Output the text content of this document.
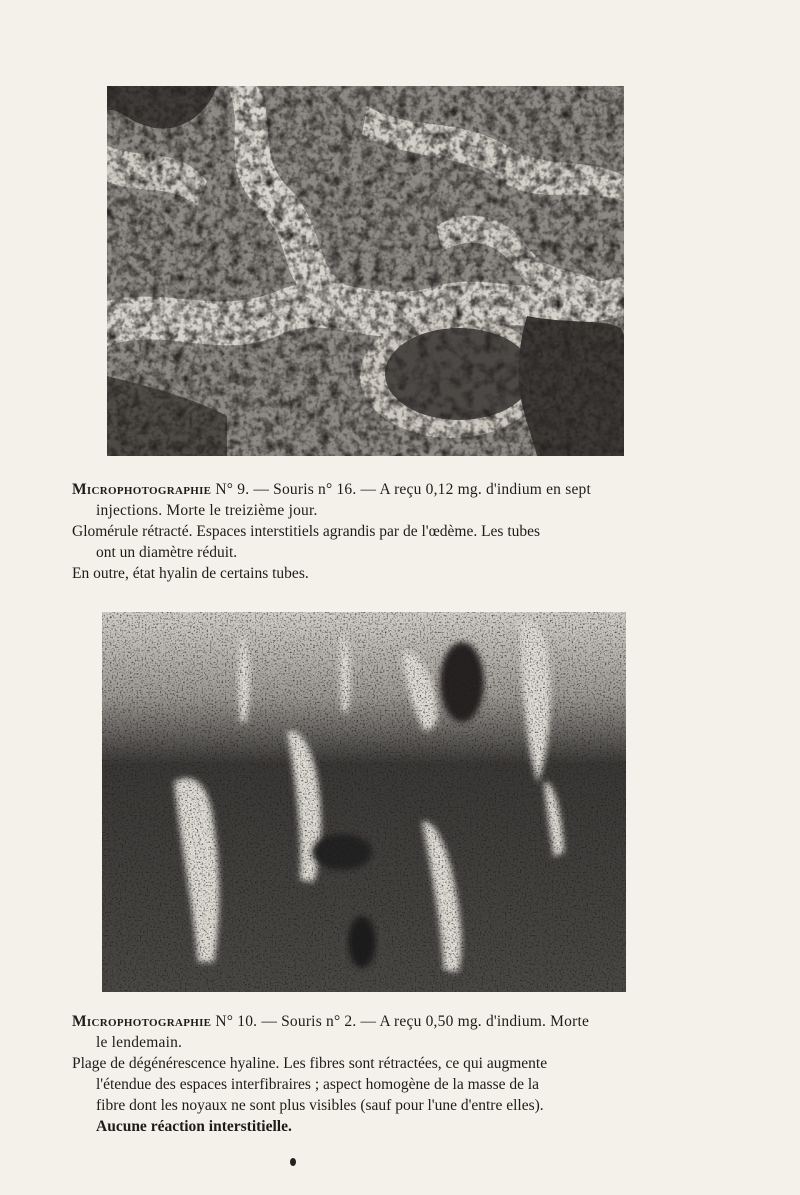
Microphotographie N° 9. — Souris n° 16. — A reçu 0,12 mg. d'indium en sept
injections. Morte le treizième jour.

Glomérule rétracté. Espaces interstitiels agrandis par de l'œdème. Les tubes

ont un diamètre réduit.

En outre, état hyalin de certains tubes.

Microphotographie N° 10. — Souris n° 2. — A reçu 0,50 mg. d'indium. Morte
le lendemain.

Plage de dégénérescence hyaline. Les fibres sont rétractées, ce qui augmente

l'étendue des espaces interfibraires ; aspect homogène de la masse de la

fibre dont les noyaux ne sont plus visibles (sauf pour l'une d'entre elles).

Aucune réaction interstitielle.
